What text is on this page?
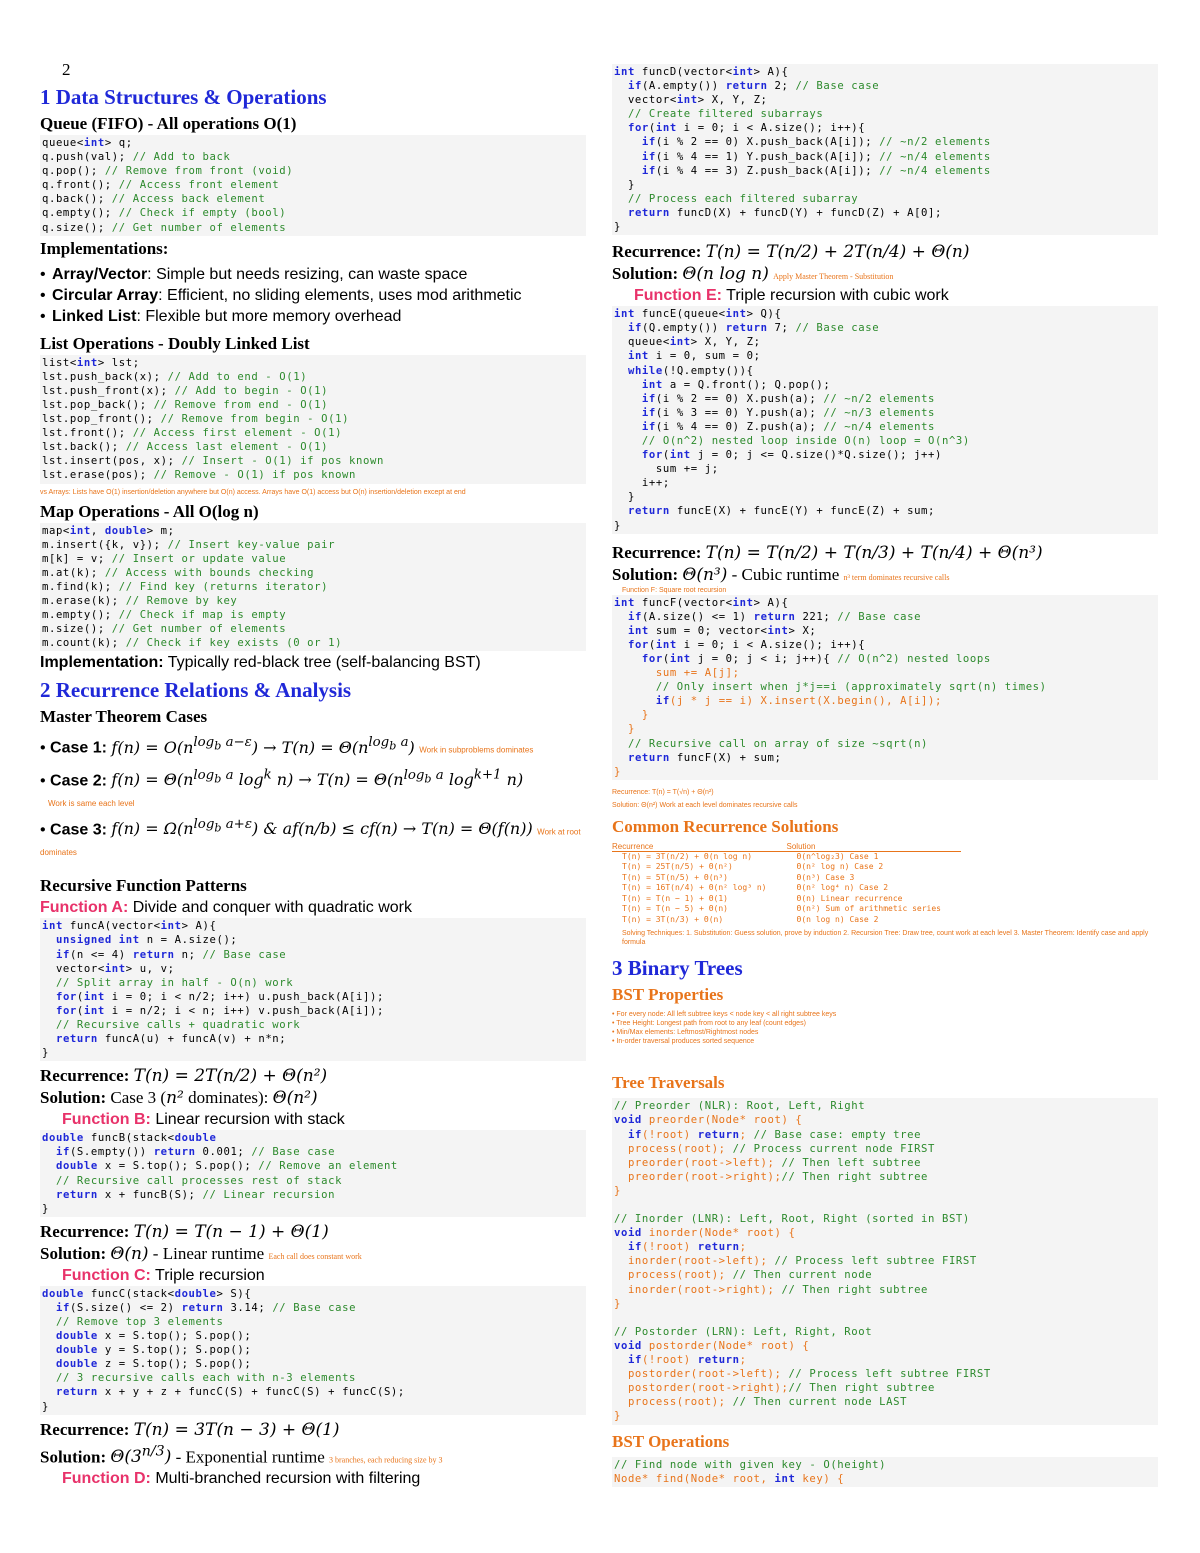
2
1 Data Structures & Operations
Queue (FIFO) - All operations O(1)
queue<int> q;
q.push(val); // Add to back
q.pop(); // Remove from front (void)
q.front(); // Access front element
q.back(); // Access back element
q.empty(); // Check if empty (bool)
q.size(); // Get number of elements
Implementations:
• Array/Vector: Simple but needs resizing, can waste space
• Circular Array: Efficient, no sliding elements, uses mod arithmetic
• Linked List: Flexible but more memory overhead
List Operations - Doubly Linked List
list<int> lst;
lst.push_back(x); // Add to end - O(1)
lst.push_front(x); // Add to begin - O(1)
lst.pop_back(); // Remove from end - O(1)
lst.pop_front(); // Remove from begin - O(1)
lst.front(); // Access first element - O(1)
lst.back(); // Access last element - O(1)
lst.insert(pos, x); // Insert - O(1) if pos known
lst.erase(pos); // Remove - O(1) if pos known
vs Arrays: Lists have O(1) insertion/deletion anywhere but O(n) access. Arrays have O(1) access but O(n) insertion/deletion except at end
Map Operations - All O(log n)
map<int, double> m;
m.insert({k, v}); // Insert key-value pair
m[k] = v; // Insert or update value
m.at(k); // Access with bounds checking
m.find(k); // Find key (returns iterator)
m.erase(k); // Remove by key
m.empty(); // Check if map is empty
m.size(); // Get number of elements
m.count(k); // Check if key exists (0 or 1)
Implementation: Typically red-black tree (self-balancing BST)
2 Recurrence Relations & Analysis
Master Theorem Cases
• Case 1: $f(n) = O(n^{log_b a-\varepsilon}) \to T(n) = \Theta(n^{log_b a})$ Work in subproblems dominates
• Case 2: $f(n) = \Theta(n^{log_b a}$ $\log^k n) \to T(n) = \Theta(n^{log_b a}$ $\log^{k+1} n$)
Work is same each level
• Case 3: $f(n) = \Omega(n^{log_b a+\varepsilon})$ & af(n/b) ≤ cf(n) → T(n) = Θ(f(n)) Work at root dominates
Recursive Function Patterns
Function A: Divide and conquer with quadratic work
int funcA(vector<int> A){
unsigned int n = A.size();
if(n <= 4) return n; // Base case
vector<int> u, v;
// Split array in half - O(n) work
for(int i = 0; i < n/2; i++) u.push_back(A[i]);
for(int i = n/2; i < n; i++) v.push_back(A[i]);
// Recursive calls + quadratic work
return funcA(u) + funcA(v) + n*n;
}
Recurrence: T(n) = 2T(n/2) + Θ(n²)
Solution: Case 3 (n² dominates): Θ(n²)
Function B: Linear recursion with stack
double funcB(stack<double
if(S.empty()) return 0.001; // Base case
double x = S.top(); S.pop(); // Remove an element
// Recursive call processes rest of stack
return x + funcB(S); // Linear recursion
}
Recurrence: T(n) = T(n − 1) + Θ(1)
Solution: Θ(n) - Linear runtime Each call does constant work
Function C: Triple recursion
double funcC(stack<double> S){
if(S.size() <= 2) return 3.14; // Base case
// Remove top 3 elements
double x = S.top(); S.pop();
double y = S.top(); S.pop();
double z = S.top(); S.pop();
// 3 recursive calls each with n-3 elements
return x + y + z + funcC(S) + funcC(S) + funcC(S);
}
Recurrence: T(n) = 3T(n − 3) + Θ(1)
Solution: $\Theta(3^{n/3})$ - Exponential runtime 3 branches, each reducing size by 3
Function D: Multi-branched recursion with filtering
int funcD(vector<int> A){
if(A.empty()) return 2; // Base case
vector<int> X, Y, Z;
// Create filtered subarrays
for(int i = 0; i < A.size(); i++){
if(i % 2 == 0) X.push_back(A[i]); // ~n/2 elements
if(i % 4 == 1) Y.push_back(A[i]); // ~n/4 elements
if(i % 4 == 3) Z.push_back(A[i]); // ~n/4 elements
}
// Process each filtered subarray
return funcD(X) + funcD(Y) + funcD(Z) + A[0];
}
Recurrence: T(n) = T(n/2) + 2T(n/4) + Θ(n)
Solution: Θ(n log n) Apply Master Theorem - Substitution
Function E: Triple recursion with cubic work
int funcE(queue<int> Q){
if(Q.empty()) return 7; // Base case
queue<int> X, Y, Z;
int i = 0, sum = 0;
while(!Q.empty()){
int a = Q.front(); Q.pop();
if(i % 2 == 0) X.push(a); // ~n/2 elements
if(i % 3 == 0) Y.push(a); // ~n/3 elements
if(i % 4 == 0) Z.push(a); // ~n/4 elements
// O(n^2) nested loop inside O(n) loop = O(n^3)
for(int j = 0; j <= Q.size()*Q.size(); j++)
sum += j;
i++;
}
return funcE(X) + funcE(Y) + funcE(Z) + sum;
}
Recurrence: T(n) = T(n/2) + T(n/3) + T(n/4) + Θ(n³)
Solution: Θ(n³) - Cubic runtime n³ term dominates recursive calls
Function F: Square root recursion
int funcF(vector<int> A){
if(A.size() <= 1) return 221; // Base case
int sum = 0; vector<int> X;
for(int i = 0; i < A.size(); i++){
for(int j = 0; j < i; j++){ // O(n^2) nested loops
sum += A[j];
// Only insert when j*j==i (approximately sqrt(n) times)
if(j * j == i) X.insert(X.begin(), A[i]);
}
}
// Recursive call on array of size ~sqrt(n)
return funcF(X) + sum;
}
Recurrence: T(n) = T(√n) + Θ(n²)
Solution: Θ(n²) Work at each level dominates recursive calls
Common Recurrence Solutions
Recurrence	Solution
T(n) = 3T(n/2) + Θ(n log n)	Θ(n^log₂3) Case 1
T(n) = 25T(n/5) + Θ(n²)	Θ(n² log n) Case 2
T(n) = 5T(n/5) + Θ(n³)	Θ(n³) Case 3
T(n) = 16T(n/4) + Θ(n² log³ n)	Θ(n² log⁴ n) Case 2
T(n) = T(n − 1) + Θ(1)	Θ(n) Linear recurrence
T(n) = T(n − 5) + Θ(n)	Θ(n²) Sum of arithmetic series
T(n) = 3T(n/3) + Θ(n)	Θ(n log n) Case 2
Solving Techniques: 1. Substitution: Guess solution, prove by induction 2. Recursion Tree: Draw tree, count work at each level 3. Master Theorem: Identify case and apply formula
3 Binary Trees
BST Properties
• For every node: All left subtree keys < node key < all right subtree keys
• Tree Height: Longest path from root to any leaf (count edges)
• Min/Max elements: Leftmost/Rightmost nodes
• In-order traversal produces sorted sequence
Tree Traversals
// Preorder (NLR): Root, Left, Right
void preorder(Node* root) {
if(!root) return; // Base case: empty tree
process(root); // Process current node FIRST
preorder(root->left); // Then left subtree
preorder(root->right);// Then right subtree
}

// Inorder (LNR): Left, Root, Right (sorted in BST)
void inorder(Node* root) {
if(!root) return;
inorder(root->left); // Process left subtree FIRST
process(root); // Then current node
inorder(root->right); // Then right subtree
}

// Postorder (LRN): Left, Right, Root
void postorder(Node* root) {
if(!root) return;
postorder(root->left); // Process left subtree FIRST
postorder(root->right);// Then right subtree
process(root); // Then current node LAST
}
BST Operations
// Find node with given key - O(height)
Node* find(Node* root, int key) {
